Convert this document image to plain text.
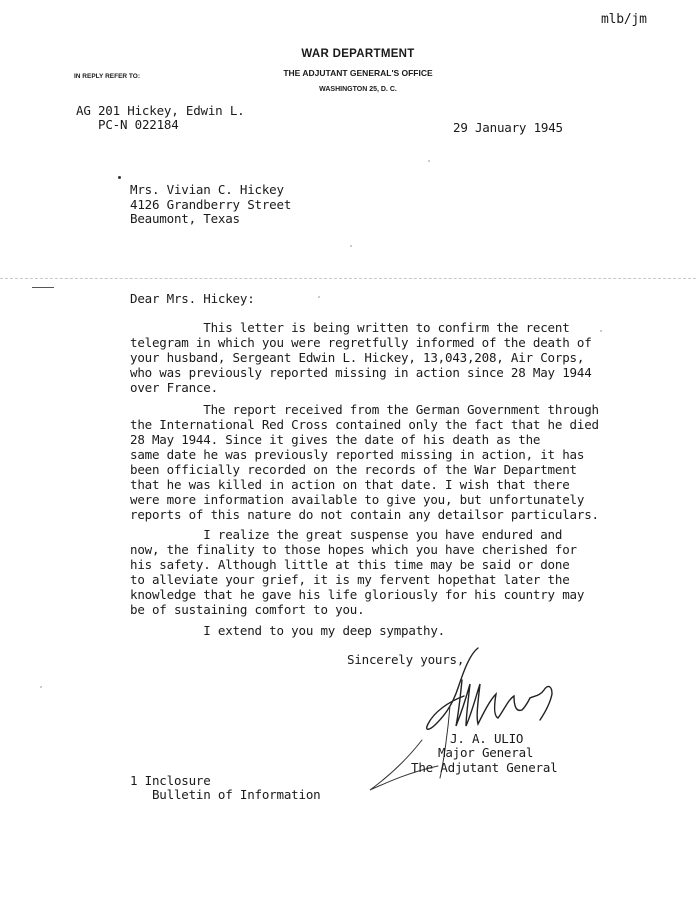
mlb/jm
WAR DEPARTMENT
THE ADJUTANT GENERAL'S OFFICE
WASHINGTON 25, D. C.
IN REPLY REFER TO:
AG 201 Hickey, Edwin L.
PC-N 022184	29 January 1945
Mrs. Vivian C. Hickey
4126 Grandberry Street
Beaumont, Texas
Dear Mrs. Hickey:
This letter is being written to confirm the recent
telegram in which you were regretfully informed of the death of
your husband, Sergeant Edwin L. Hickey, 13,043,208, Air Corps,
who was previously reported missing in action since 28 May 1944
over France.
The report received from the German Government through
the International Red Cross contained only the fact that he died
28 May 1944. Since it gives the date of his death as the
same date he was previously reported missing in action, it has
been officially recorded on the records of the War Department
that he was killed in action on that date. I wish that there
were more information available to give you, but unfortunately
reports of this nature do not contain any detailsor particulars.
I realize the great suspense you have endured and
now, the finality to those hopes which you have cherished for
his safety. Although little at this time may be said or done
to alleviate your grief, it is my fervent hopethat later the
knowledge that he gave his life gloriously for his country may
be of sustaining comfort to you.
I extend to you my deep sympathy.
Sincerely yours,
J. A. ULIO
Major General
The Adjutant General
1 Inclosure
Bulletin of Information
